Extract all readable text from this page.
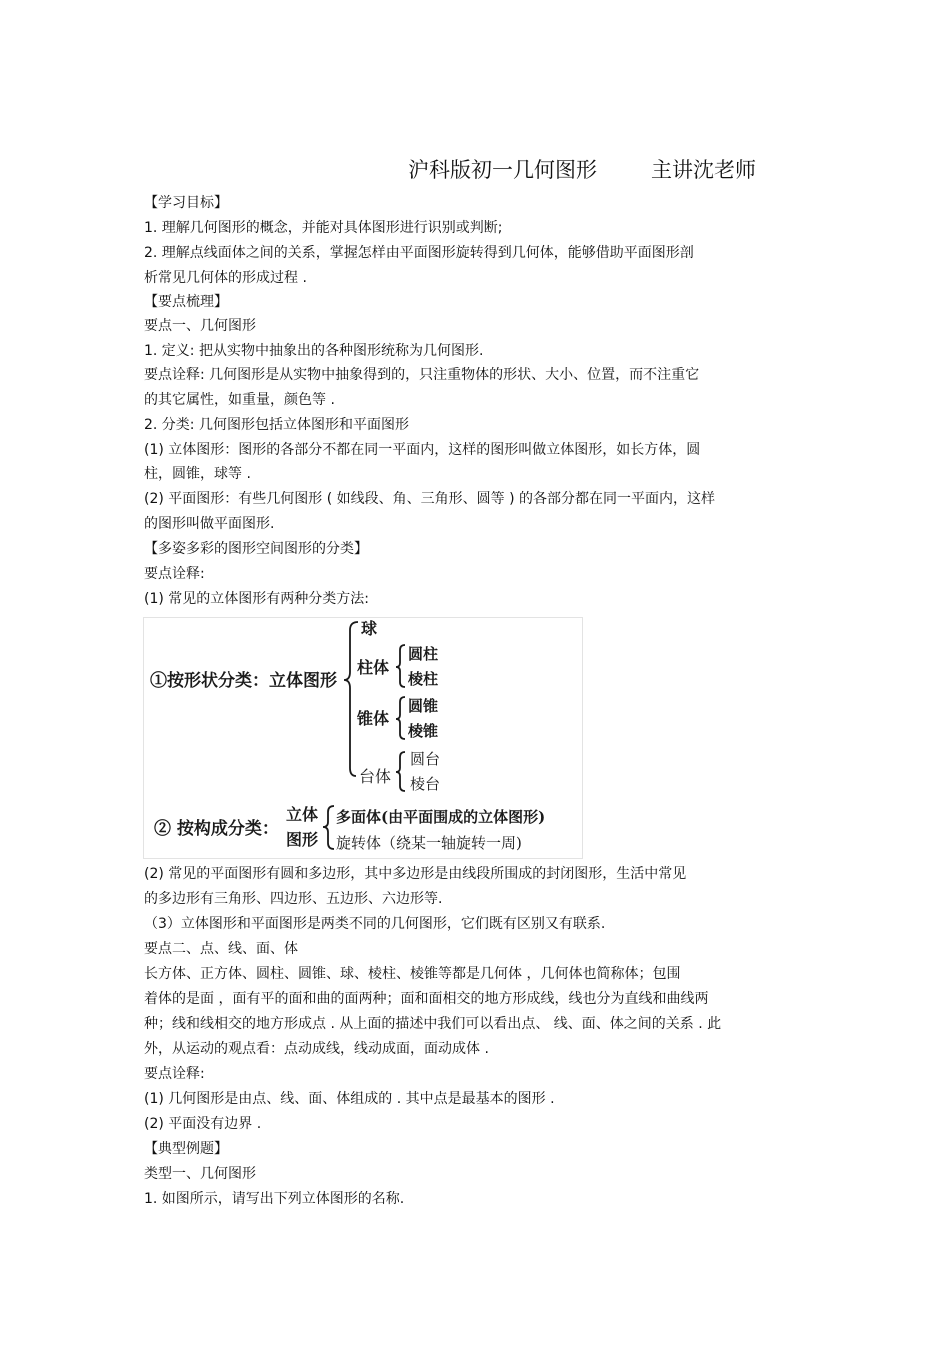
沪科版初一几何图形	主讲沈老师
【学习目标】
1. 理解几何图形的概念，并能对具体图形进行识别或判断;
2. 理解点线面体之间的关系，掌握怎样由平面图形旋转得到几何体，能够借助平面图形剖
析常见几何体的形成过程 .
【要点梳理】
要点一、几何图形
1. 定义: 把从实物中抽象出的各种图形统称为几何图形.
要点诠释: 几何图形是从实物中抽象得到的，只注重物体的形状、大小、位置，而不注重它
的其它属性，如重量，颜色等 .
2. 分类: 几何图形包括立体图形和平面图形
(1) 立体图形：图形的各部分不都在同一平面内，这样的图形叫做立体图形，如长方体，圆
柱，圆锥，球等 .
(2) 平面图形：有些几何图形 ( 如线段、角、三角形、圆等 ) 的各部分都在同一平面内，这样
的图形叫做平面图形.
【多姿多彩的图形空间图形的分类】
要点诠释:
(1) 常见的立体图形有两种分类方法:
①按形状分类：立体图形
球
柱体
圆柱
棱柱
锥体
圆锥
棱锥
台体
圆台
棱台
② 按构成分类：
立体
图形
多面体(由平面围成的立体图形)
旋转体（绕某一轴旋转一周)
(2) 常见的平面图形有圆和多边形，其中多边形是由线段所围成的封闭图形，生活中常见
的多边形有三角形、四边形、五边形、六边形等.
（3）立体图形和平面图形是两类不同的几何图形，它们既有区别又有联系.
要点二、点、线、面、体
长方体、正方体、圆柱、圆锥、球、棱柱、棱锥等都是几何体 ，几何体也简称体；包围
着体的是面 ，面有平的面和曲的面两种；面和面相交的地方形成线，线也分为直线和曲线两
种；线和线相交的地方形成点 . 从上面的描述中我们可以看出点、 线、面、体之间的关系 . 此
外，从运动的观点看：点动成线，线动成面，面动成体 .
要点诠释:
(1) 几何图形是由点、线、面、体组成的 . 其中点是最基本的图形 .
(2) 平面没有边界 .
【典型例题】
类型一、几何图形
1. 如图所示，请写出下列立体图形的名称.
